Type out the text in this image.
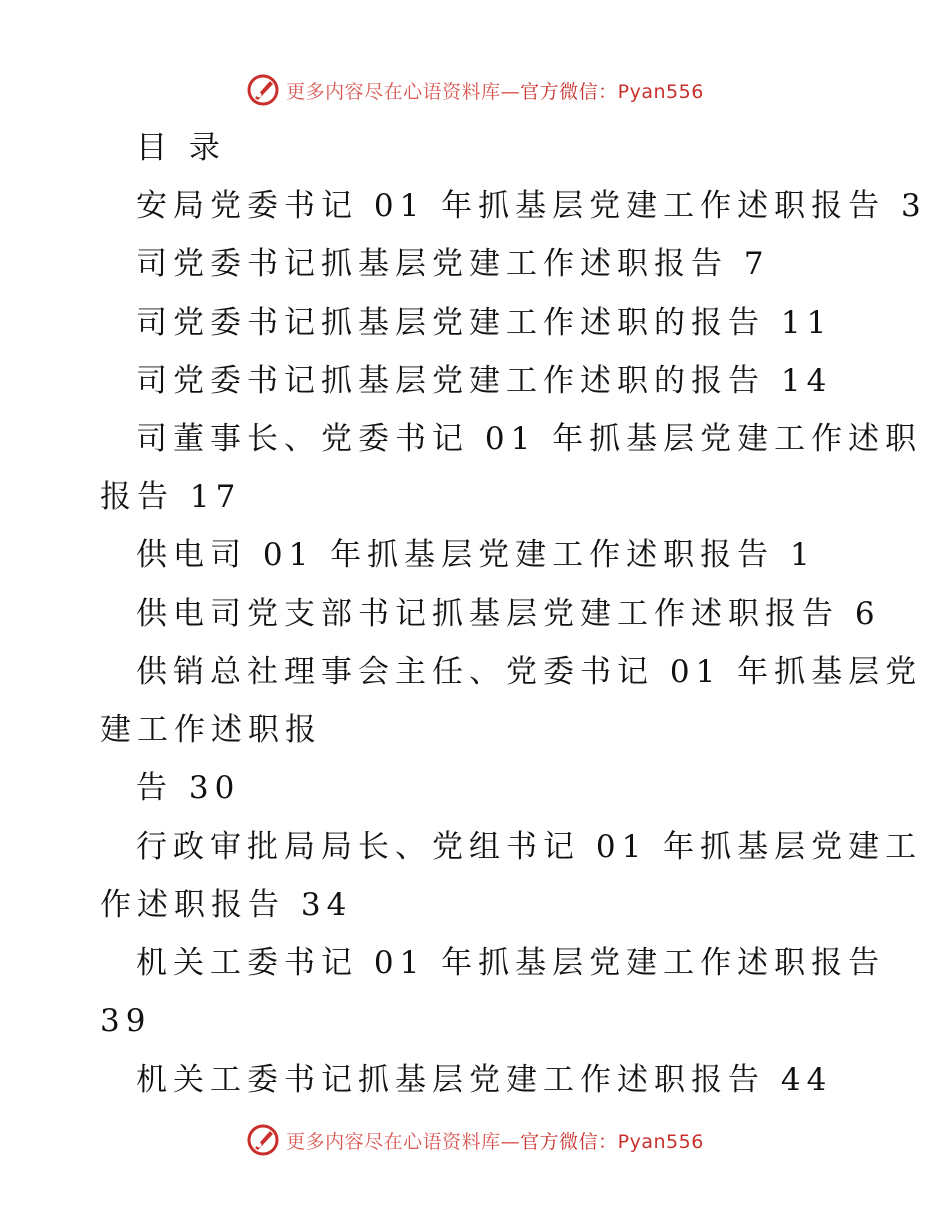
更多内容尽在心语资料库—官方微信：Pyan556
目 录
安局党委书记 01 年抓基层党建工作述职报告 3
司党委书记抓基层党建工作述职报告 7
司党委书记抓基层党建工作述职的报告 11
司党委书记抓基层党建工作述职的报告 14
司董事长、党委书记 01 年抓基层党建工作述职
报告 17
供电司 01 年抓基层党建工作述职报告 1
供电司党支部书记抓基层党建工作述职报告 6
供销总社理事会主任、党委书记 01 年抓基层党
建工作述职报
告 30
行政审批局局长、党组书记 01 年抓基层党建工
作述职报告 34
机关工委书记 01 年抓基层党建工作述职报告
39
机关工委书记抓基层党建工作述职报告 44
更多内容尽在心语资料库—官方微信：Pyan556
